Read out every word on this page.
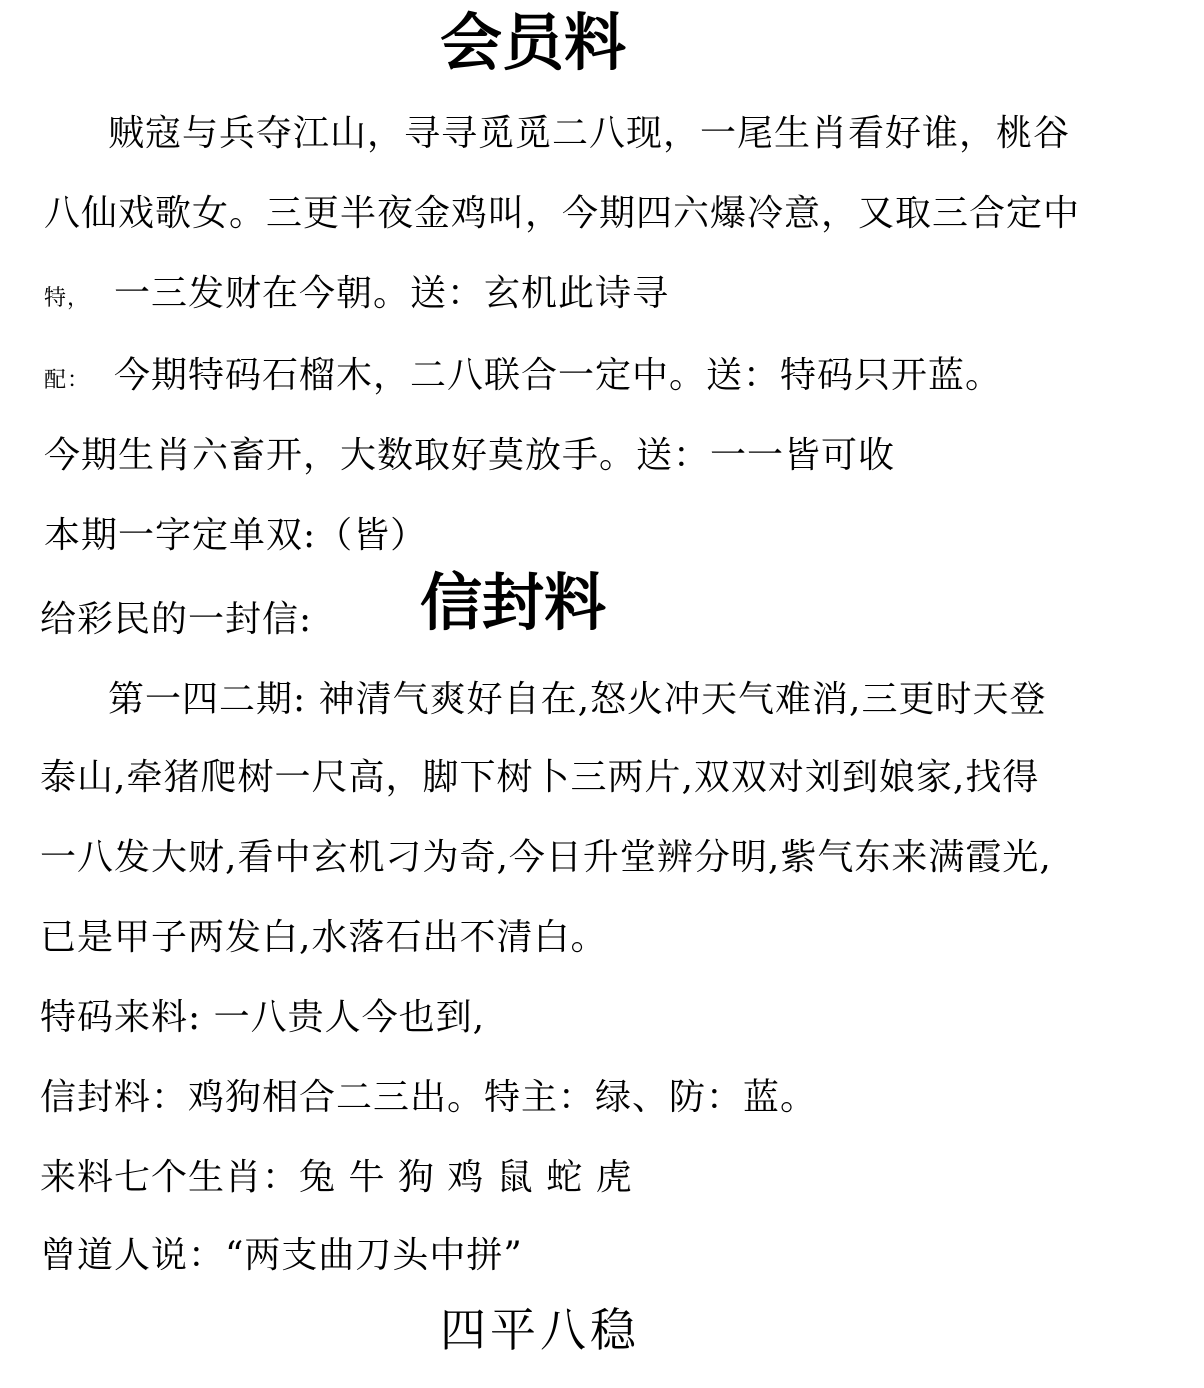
会员料
贼寇与兵夺江山，寻寻觅觅二八现，一尾生肖看好谁，桃谷
八仙戏歌女。三更半夜金鸡叫，今期四六爆冷意，又取三合定中
特， 一三发财在今朝。送：玄机此诗寻
配： 今期特码石榴木，二八联合一定中。送：特码只开蓝。
今期生肖六畜开，大数取好莫放手。送：一一皆可收
本期一字定单双:（皆）
给彩民的一封信: 信封料
第一四二期: 神清气爽好自在,怒火冲天气难消,三更时天登
泰山,牵猪爬树一尺高，脚下树卜三两片,双双对刘到娘家,找得
一八发大财,看中玄机刁为奇,今日升堂辨分明,紫气东来满霞光,
已是甲子两发白,水落石出不清白。
特码来料: 一八贵人今也到,
信封料：鸡狗相合二三出。特主：绿、防：蓝。
来料七个生肖：兔 牛 狗 鸡 鼠 蛇 虎
曾道人说：“两支曲刀头中拼”
四平八稳
